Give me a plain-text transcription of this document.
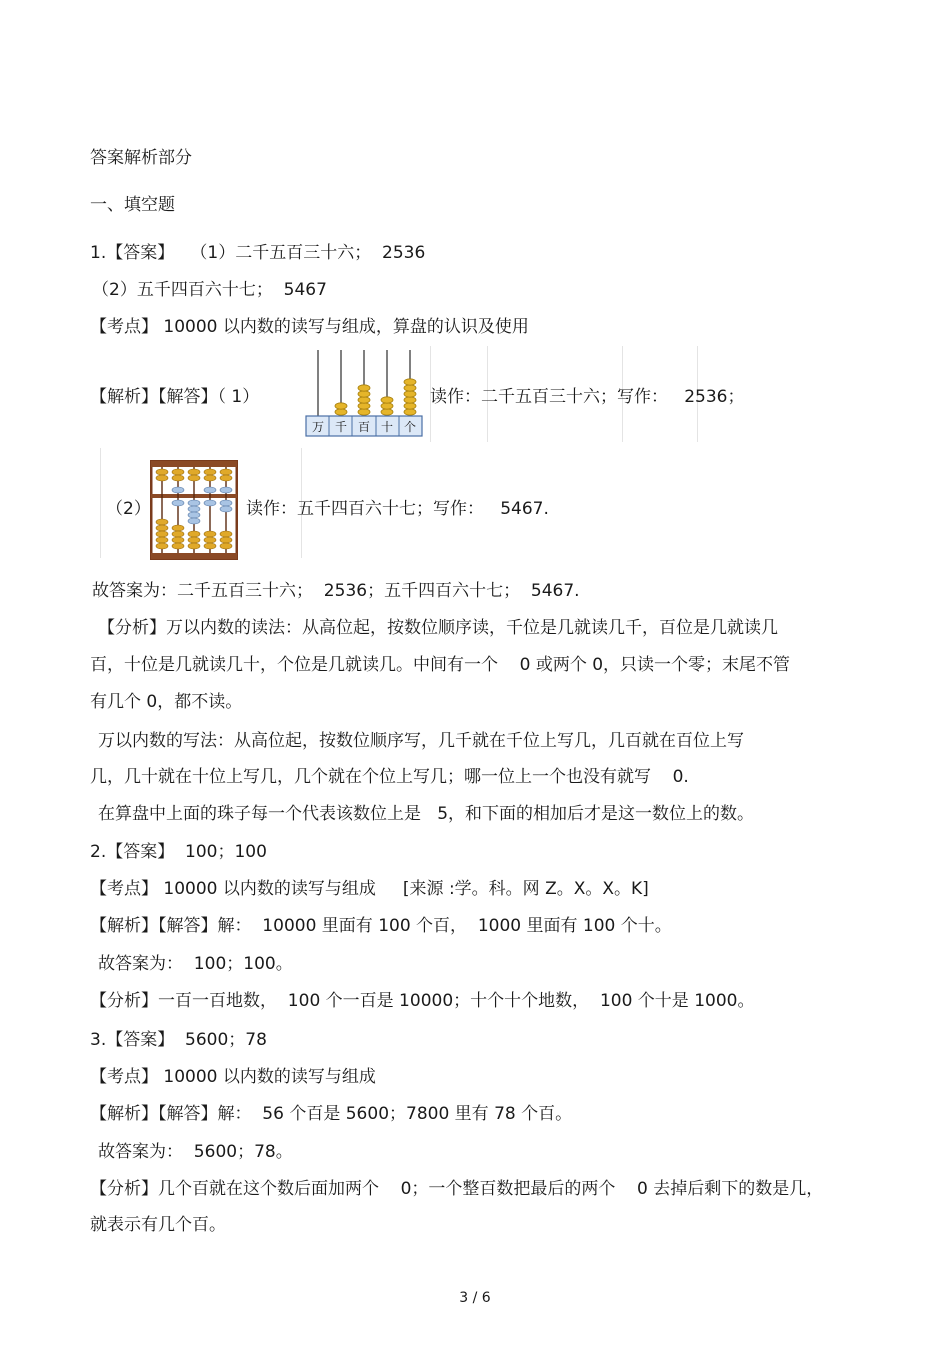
答案解析部分
一、填空题
1.【答案】   （1）二千五百三十六；  2536
（2）五千四百六十七；  5467
【考点】 10000 以内数的读写与组成，算盘的认识及使用
【解析】【解答】（ 1）
万 千 百 十 个
读作：二千五百三十六；写作：   2536；
（2）	读作：五千四百六十七；写作：   5467.
故答案为：二千五百三十六；  2536；五千四百六十七；  5467.
【分析】万以内数的读法：从高位起，按数位顺序读，千位是几就读几千，百位是几就读几
百，十位是几就读几十，个位是几就读几。中间有一个    0 或两个 0，只读一个零；末尾不管
有几个 0，都不读。
万以内数的写法：从高位起，按数位顺序写，几千就在千位上写几，几百就在百位上写
几，几十就在十位上写几，几个就在个位上写几；哪一位上一个也没有就写    0.
在算盘中上面的珠子每一个代表该数位上是   5，和下面的相加后才是这一数位上的数。
2.【答案】  100；100
【考点】 10000 以内数的读写与组成     [来源 :学。科。网 Z。X。X。K]
【解析】【解答】解：  10000 里面有 100 个百，  1000 里面有 100 个十。
故答案为：  100；100。
【分析】一百一百地数，  100 个一百是 10000；十个十个地数，  100 个十是 1000。
3.【答案】  5600；78
【考点】 10000 以内数的读写与组成
【解析】【解答】解：  56 个百是 5600；7800 里有 78 个百。
故答案为：  5600；78。
【分析】几个百就在这个数后面加两个    0；一个整百数把最后的两个    0 去掉后剩下的数是几，
就表示有几个百。
3 / 6
